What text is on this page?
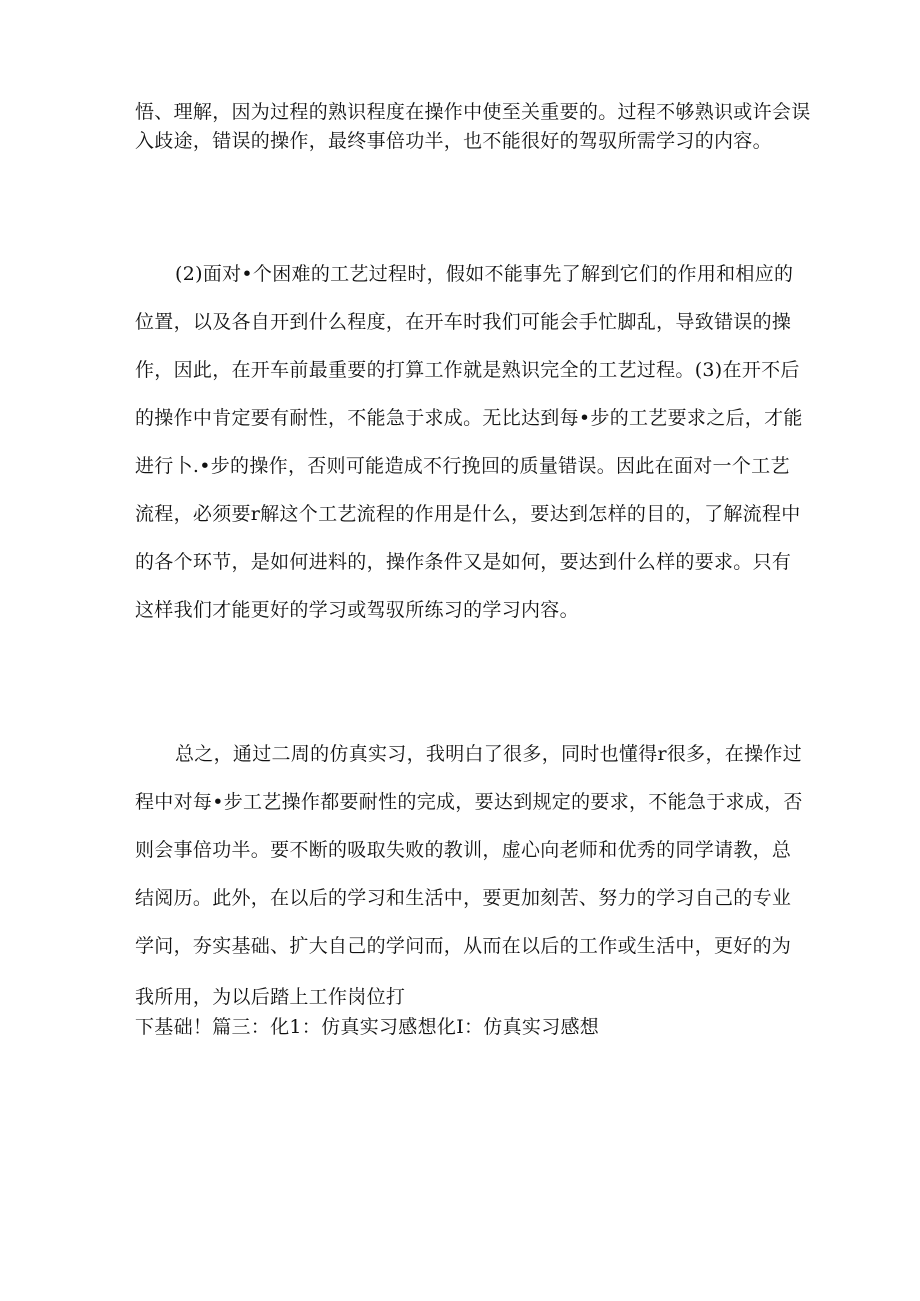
悟、理解，因为过程的熟识程度在操作中使至关重要的。过程不够熟识或许会误
入歧途，错误的操作，最终事倍功半，也不能很好的驾驭所需学习的内容。
(2)面对•个困难的工艺过程时，假如不能事先了解到它们的作用和相应的
位置，以及各自开到什么程度，在开车时我们可能会手忙脚乱，导致错误的操
作，因此，在开车前最重要的打算工作就是熟识完全的工艺过程。(3)在开不后
的操作中肯定要有耐性，不能急于求成。无比达到每•步的工艺要求之后，才能
进行卜.•步的操作，否则可能造成不行挽回的质量错误。因此在面对一个工艺
流程，必须要r解这个工艺流程的作用是什么，要达到怎样的目的，了解流程中
的各个环节，是如何进料的，操作条件又是如何，要达到什么样的要求。只有
这样我们才能更好的学习或驾驭所练习的学习内容。
总之，通过二周的仿真实习，我明白了很多，同时也懂得r很多，在操作过
程中对每•步工艺操作都要耐性的完成，要达到规定的要求，不能急于求成，否
则会事倍功半。要不断的吸取失败的教训，虚心向老师和优秀的同学请教，总
结阅历。此外，在以后的学习和生活中，要更加刻苦、努力的学习自己的专业
学问，夯实基础、扩大自己的学问而，从而在以后的工作或生活中，更好的为
我所用，为以后踏上工作岗位打
下基础！篇三：化1：仿真实习感想化I：仿真实习感想
